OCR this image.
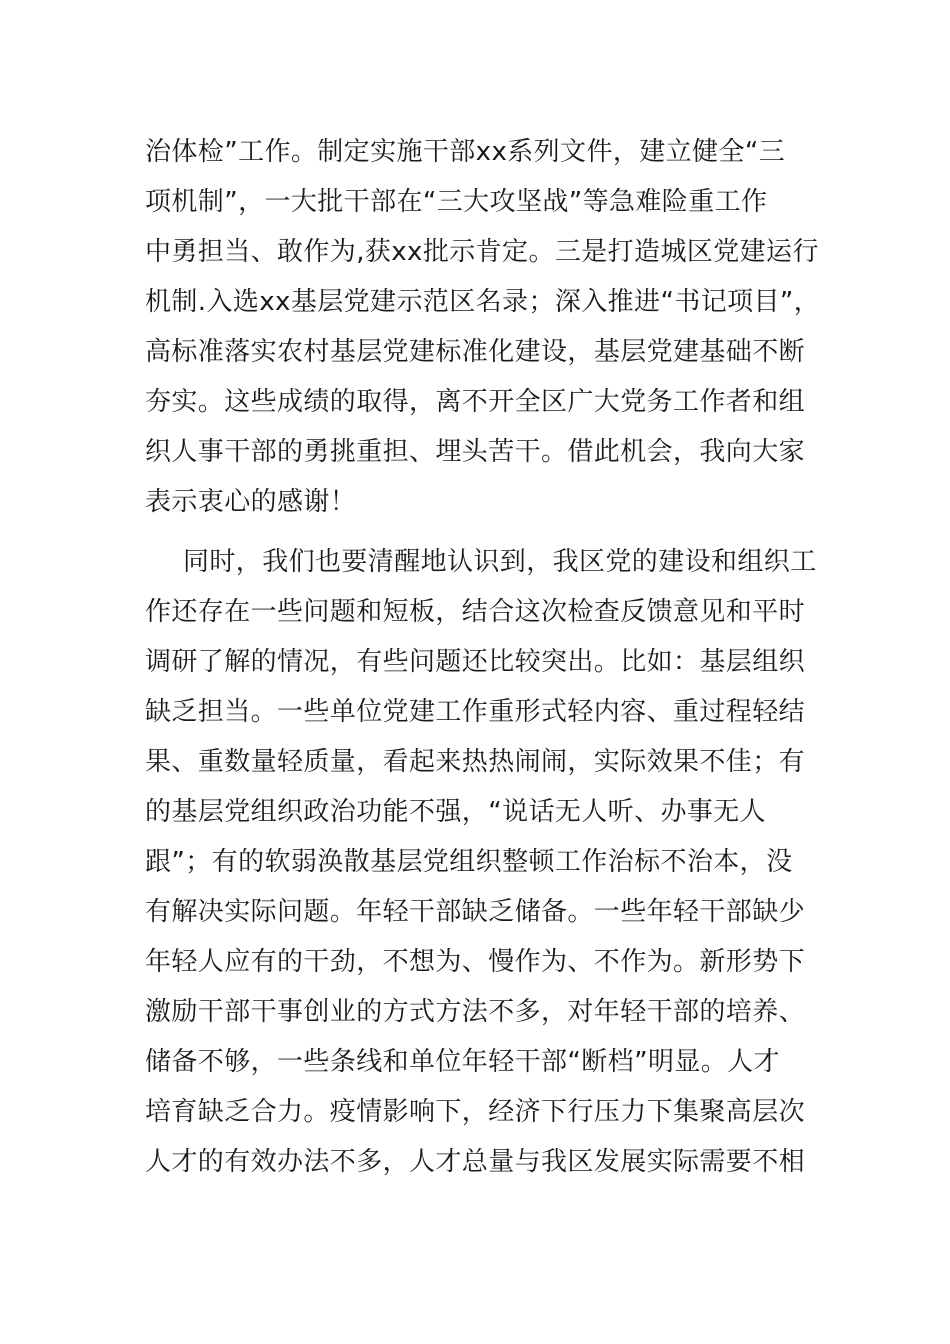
治体检”工作。制定实施干部xx系列文件，建立健全“三
项机制”，一大批干部在“三大攻坚战”等急难险重工作
中勇担当、敢作为,获xx批示肯定。三是打造城区党建运行
机制.入选xx基层党建示范区名录；深入推进“书记项目”，
高标准落实农村基层党建标准化建设，基层党建基础不断
夯实。这些成绩的取得，离不开全区广大党务工作者和组
织人事干部的勇挑重担、埋头苦干。借此机会，我向大家
表示衷心的感谢！
同时，我们也要清醒地认识到，我区党的建设和组织工
作还存在一些问题和短板，结合这次检查反馈意见和平时
调研了解的情况，有些问题还比较突出。比如：基层组织
缺乏担当。一些单位党建工作重形式轻内容、重过程轻结
果、重数量轻质量，看起来热热闹闹，实际效果不佳；有
的基层党组织政治功能不强，“说话无人听、办事无人
跟”；有的软弱涣散基层党组织整顿工作治标不治本，没
有解决实际问题。年轻干部缺乏储备。一些年轻干部缺少
年轻人应有的干劲，不想为、慢作为、不作为。新形势下
激励干部干事创业的方式方法不多，对年轻干部的培养、
储备不够，一些条线和单位年轻干部“断档”明显。人才
培育缺乏合力。疫情影响下，经济下行压力下集聚高层次
人才的有效办法不多，人才总量与我区发展实际需要不相
